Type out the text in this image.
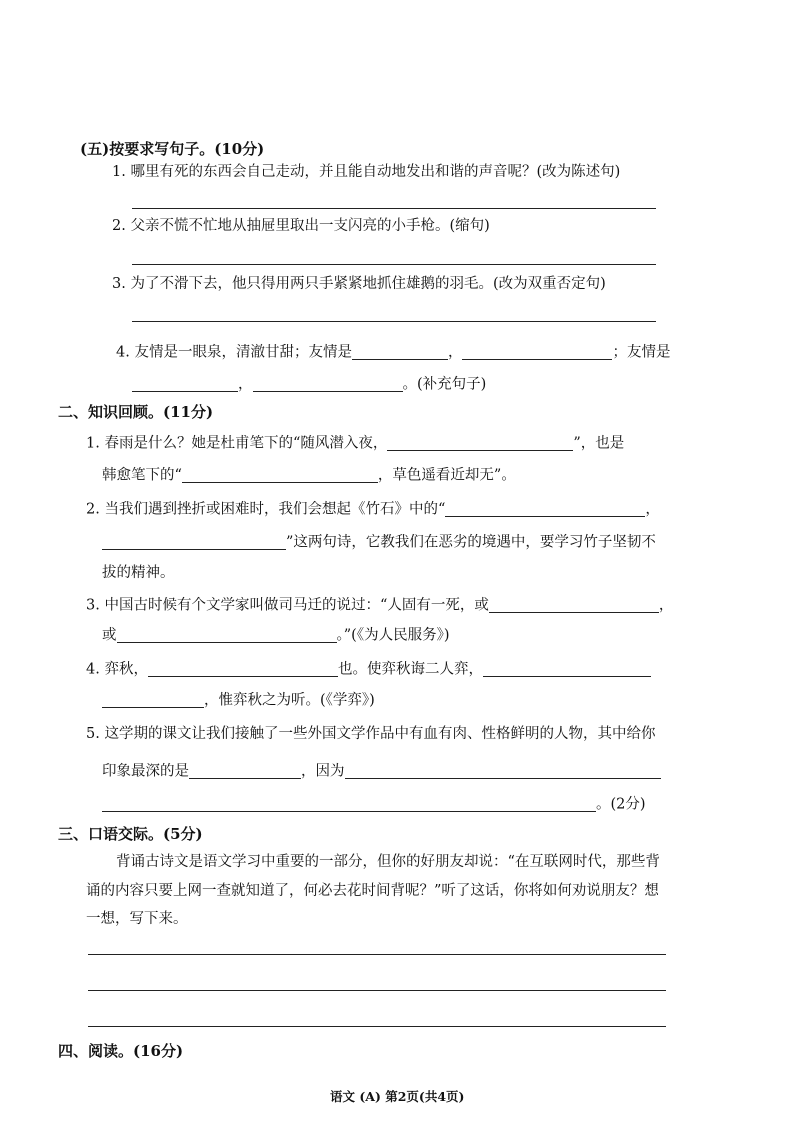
(五)按要求写句子。(10分)
1. 哪里有死的东西会自己走动，并且能自动地发出和谐的声音呢？(改为陈述句)
2. 父亲不慌不忙地从抽屉里取出一支闪亮的小手枪。(缩句)
3. 为了不滑下去，他只得用两只手紧紧地抓住雄鹅的羽毛。(改为双重否定句)
4. 友情是一眼泉，清澈甘甜；友情是	，	；友情是
，	。(补充句子)
二、知识回顾。(11分)
1. 春雨是什么？她是杜甫笔下的“随风潜入夜，	”，也是
韩愈笔下的“	，草色遥看近却无”。
2. 当我们遇到挫折或困难时，我们会想起《竹石》中的“	，
”这两句诗，它教我们在恶劣的境遇中，要学习竹子坚韧不
拔的精神。
3. 中国古时候有个文学家叫做司马迁的说过：“人固有一死，或	，
或	。”(《为人民服务》)
4. 弈秋，	也。使弈秋诲二人弈，
，惟弈秋之为听。(《学弈》)
5. 这学期的课文让我们接触了一些外国文学作品中有血有肉、性格鲜明的人物，其中给你
印象最深的是	，因为
。(2分)
三、口语交际。(5分)
背诵古诗文是语文学习中重要的一部分，但你的好朋友却说：“在互联网时代，那些背
诵的内容只要上网一查就知道了，何必去花时间背呢？”听了这话，你将如何劝说朋友？想
一想，写下来。
四、阅读。(16分)
语文 (A) 第2页(共4页)
